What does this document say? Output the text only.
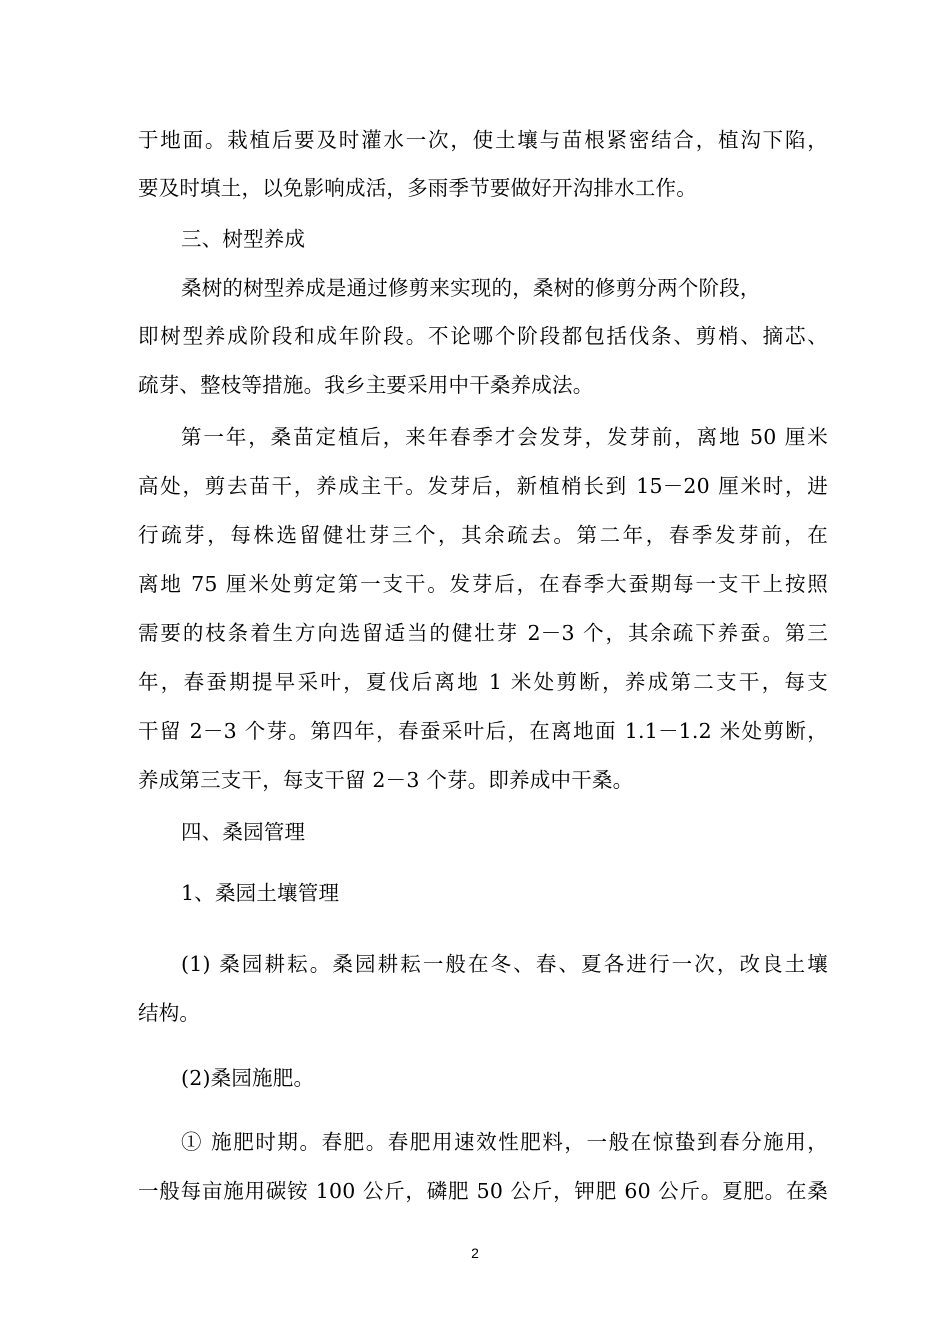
于地面。栽植后要及时灌水一次，使土壤与苗根紧密结合，植沟下陷，
要及时填土，以免影响成活，多雨季节要做好开沟排水工作。
三、树型养成
桑树的树型养成是通过修剪来实现的，桑树的修剪分两个阶段，
即树型养成阶段和成年阶段。不论哪个阶段都包括伐条、剪梢、摘芯、
疏芽、整枝等措施。我乡主要采用中干桑养成法。
第一年，桑苗定植后，来年春季才会发芽，发芽前，离地 50 厘米
高处，剪去苗干，养成主干。发芽后，新植梢长到 15－20 厘米时，进
行疏芽，每株选留健壮芽三个，其余疏去。第二年，春季发芽前，在
离地 75 厘米处剪定第一支干。发芽后，在春季大蚕期每一支干上按照
需要的枝条着生方向选留适当的健壮芽 2－3 个，其余疏下养蚕。第三
年，春蚕期提早采叶，夏伐后离地 1 米处剪断，养成第二支干，每支
干留 2－3 个芽。第四年，春蚕采叶后，在离地面 1.1－1.2 米处剪断，
养成第三支干，每支干留 2－3 个芽。即养成中干桑。
四、桑园管理
1、桑园土壤管理
(1) 桑园耕耘。桑园耕耘一般在冬、春、夏各进行一次，改良土壤
结构。
(2)桑园施肥。
① 施肥时期。春肥。春肥用速效性肥料，一般在惊蛰到春分施用，
一般每亩施用碳铵 100 公斤，磷肥 50 公斤，钾肥 60 公斤。夏肥。在桑
2
